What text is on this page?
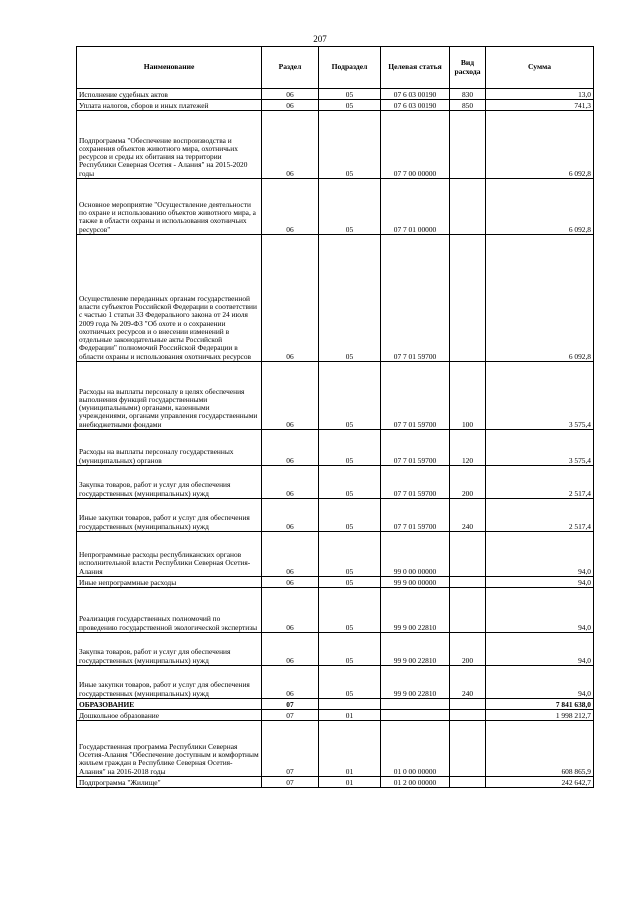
207
Наименование	Раздел	Подраздел	Целевая статья	Вид расхода	Сумма
Исполнение судебных актов	06	05	07 6 03 00190	830	13,0
Уплата налогов, сборов и иных платежей	06	05	07 6 03 00190	850	741,3
Подпрограмма "Обеспечение воспроизводства и сохранения объектов животного мира, охотничьих ресурсов и среды их обитания на территории Республики Северная Осетия - Алания" на 2015-2020 годы	06	05	07 7 00 00000		6 092,8
Основное мероприятие "Осуществление деятельности по охране и использованию объектов животного мира, а также в области охраны и использования охотничьих ресурсов"	06	05	07 7 01 00000		6 092,8
Осуществление переданных органам государственной власти субъектов Российской Федерации в соответствии с частью 1 статьи 33 Федерального закона от 24 июля 2009 года № 209-ФЗ "Об охоте и о сохранении охотничьих ресурсов и о внесении изменений в отдельные законодательные акты Российской Федерации" полномочий Российской Федерации в области охраны и использования охотничьих ресурсов	06	05	07 7 01 59700		6 092,8
Расходы на выплаты персоналу в целях обеспечения выполнения функций государственными (муниципальными) органами, казенными учреждениями, органами управления государственными внебюджетными фондами	06	05	07 7 01 59700	100	3 575,4
Расходы на выплаты персоналу государственных (муниципальных) органов	06	05	07 7 01 59700	120	3 575,4
Закупка товаров, работ и услуг для обеспечения государственных (муниципальных) нужд	06	05	07 7 01 59700	200	2 517,4
Иные закупки товаров, работ и услуг для обеспечения государственных (муниципальных) нужд	06	05	07 7 01 59700	240	2 517,4
Непрограммные расходы республиканских органов исполнительной власти Республики Северная Осетия-Алания	06	05	99 0 00 00000		94,0
Иные непрограммные расходы	06	05	99 9 00 00000		94,0
Реализация государственных полномочий по проведению государственной экологической экспертизы	06	05	99 9 00 22810		94,0
Закупка товаров, работ и услуг для обеспечения государственных (муниципальных) нужд	06	05	99 9 00 22810	200	94,0
Иные закупки товаров, работ и услуг для обеспечения государственных (муниципальных) нужд	06	05	99 9 00 22810	240	94,0
ОБРАЗОВАНИЕ	07				7 841 638,0
Дошкольное образование	07	01			1 998 212,7
Государственная программа Республики Северная Осетия-Алания "Обеспечение доступным и комфортным жильем граждан в Республике Северная Осетия-Алания" на 2016-2018 годы	07	01	01 0 00 00000		608 865,9
Подпрограмма "Жилище"	07	01	01 2 00 00000		242 642,7
